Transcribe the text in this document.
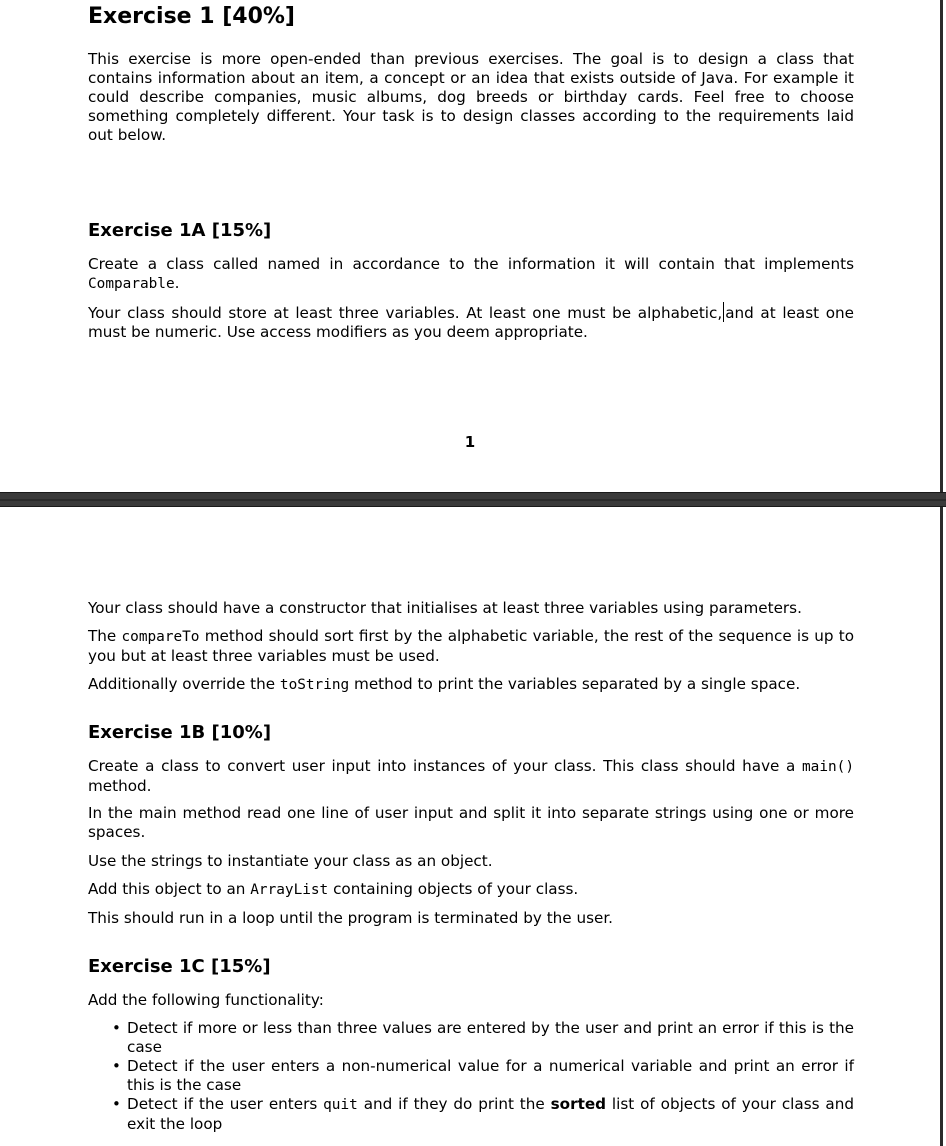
Exercise 1 [40%]

This exercise is more open-ended than previous exercises. The goal is to design a class that contains information about an item, a concept or an idea that exists outside of Java. For example it could describe companies, music albums, dog breeds or birthday cards. Feel free to choose something completely different. Your task is to design classes according to the requirements laid out below.

Exercise 1A [15%]

Create a class called named in accordance to the information it will contain that implements Comparable.

Your class should store at least three variables. At least one must be alphabetic, and at least one must be numeric. Use access modifiers as you deem appropriate.

1

Your class should have a constructor that initialises at least three variables using parameters.

The compareTo method should sort first by the alphabetic variable, the rest of the sequence is up to you but at least three variables must be used.

Additionally override the toString method to print the variables separated by a single space.

Exercise 1B [10%]

Create a class to convert user input into instances of your class. This class should have a main() method.

In the main method read one line of user input and split it into separate strings using one or more spaces.

Use the strings to instantiate your class as an object.

Add this object to an ArrayList containing objects of your class.

This should run in a loop until the program is terminated by the user.

Exercise 1C [15%]

Add the following functionality:

• Detect if more or less than three values are entered by the user and print an error if this is the case
• Detect if the user enters a non-numerical value for a numerical variable and print an error if this is the case
• Detect if the user enters quit and if they do print the sorted list of objects of your class and exit the loop
